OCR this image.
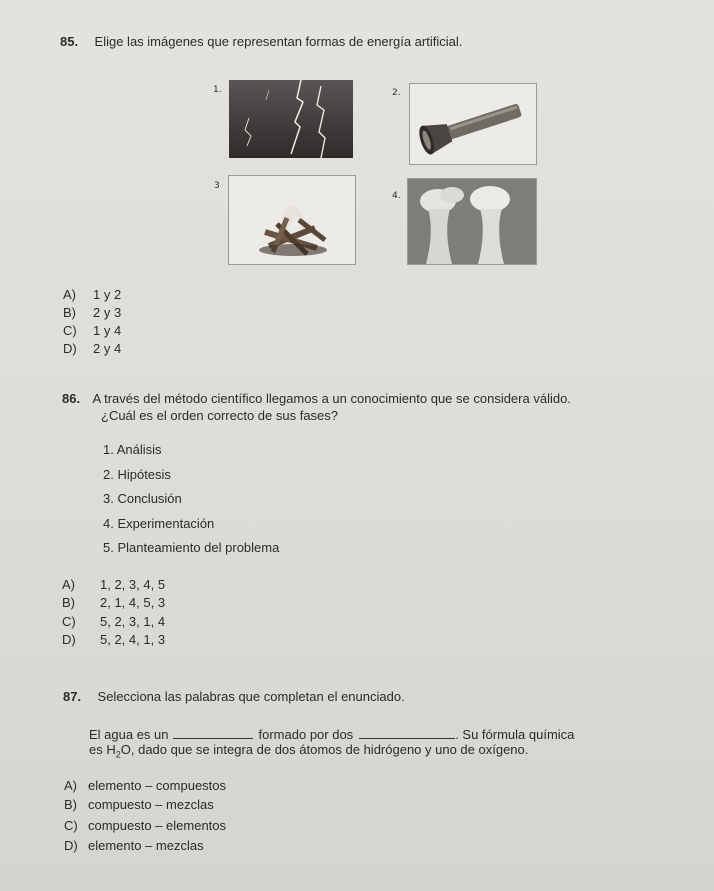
85. Elige las imágenes que representan formas de energía artificial.
1.	2.
3
4.
A) 1 y 2
B) 2 y 3
C) 1 y 4
D) 2 y 4
86. A través del método científico llegamos a un conocimiento que se considera válido.
¿Cuál es el orden correcto de sus fases?
1. Análisis
2. Hipótesis
3. Conclusión
4. Experimentación
5. Planteamiento del problema
A) 1, 2, 3, 4, 5
B) 2, 1, 4, 5, 3
C) 5, 2, 3, 1, 4
D) 5, 2, 4, 1, 3
87. Selecciona las palabras que completan el enunciado.
El agua es un	formado por dos	. Su fórmula química
es $H_2O$, dado que se integra de dos átomos de hidrógeno y uno de oxígeno.
A) elemento – compuestos
B) compuesto – mezclas
C) compuesto – elementos
D) elemento – mezclas
